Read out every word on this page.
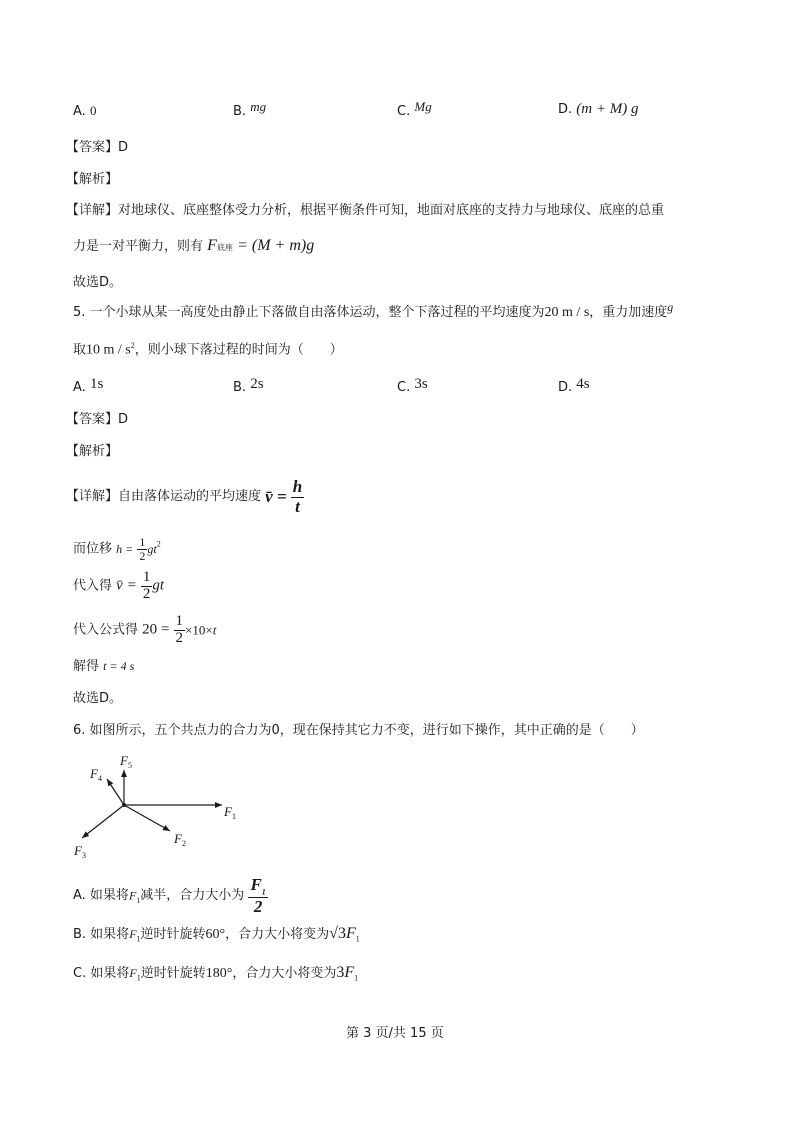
A. 0	B. mg	C. Mg	D. (m + M) g
【答案】D
【解析】
【详解】对地球仪、底座整体受力分析，根据平衡条件可知，地面对底座的支持力与地球仪、底座的总重
力是一对平衡力，则有 F底座 = (M + m)g
故选D。
5. 一个小球从某一高度处由静止下落做自由落体运动，整个下落过程的平均速度为20 m / s，重力加速度g
取10 m / $s^2$，则小球下落过程的时间为（　　）
A. 1s	B. 2s	C. 3s	D. 4s
【答案】D
【解析】
【详解】自由落体运动的平均速度 v̄ = $\frac{h}{t}$
而位移 $h = \frac{1}{2} gt^2$
代入得 v̄ = $\frac{1}{2}$ gt
代入公式得 $20 = \frac{1}{2} \times 10\times t$
解得 t = 4 s
故选D。
6. 如图所示，五个共点力的合力为0，现在保持其它力不变，进行如下操作，其中正确的是（　　）
$F_1$
$F_2$
$F_3$
$F_4$
$F_5$
A. 如果将$F_1$减半，合力大小为 $\frac{F_1}{2}$
B. 如果将$F_1$逆时针旋转60°，合力大小将变为$√3F_1$
C. 如果将$F_1$逆时针旋转180°，合力大小将变为$3F_1$
第 3 页/共 15 页
